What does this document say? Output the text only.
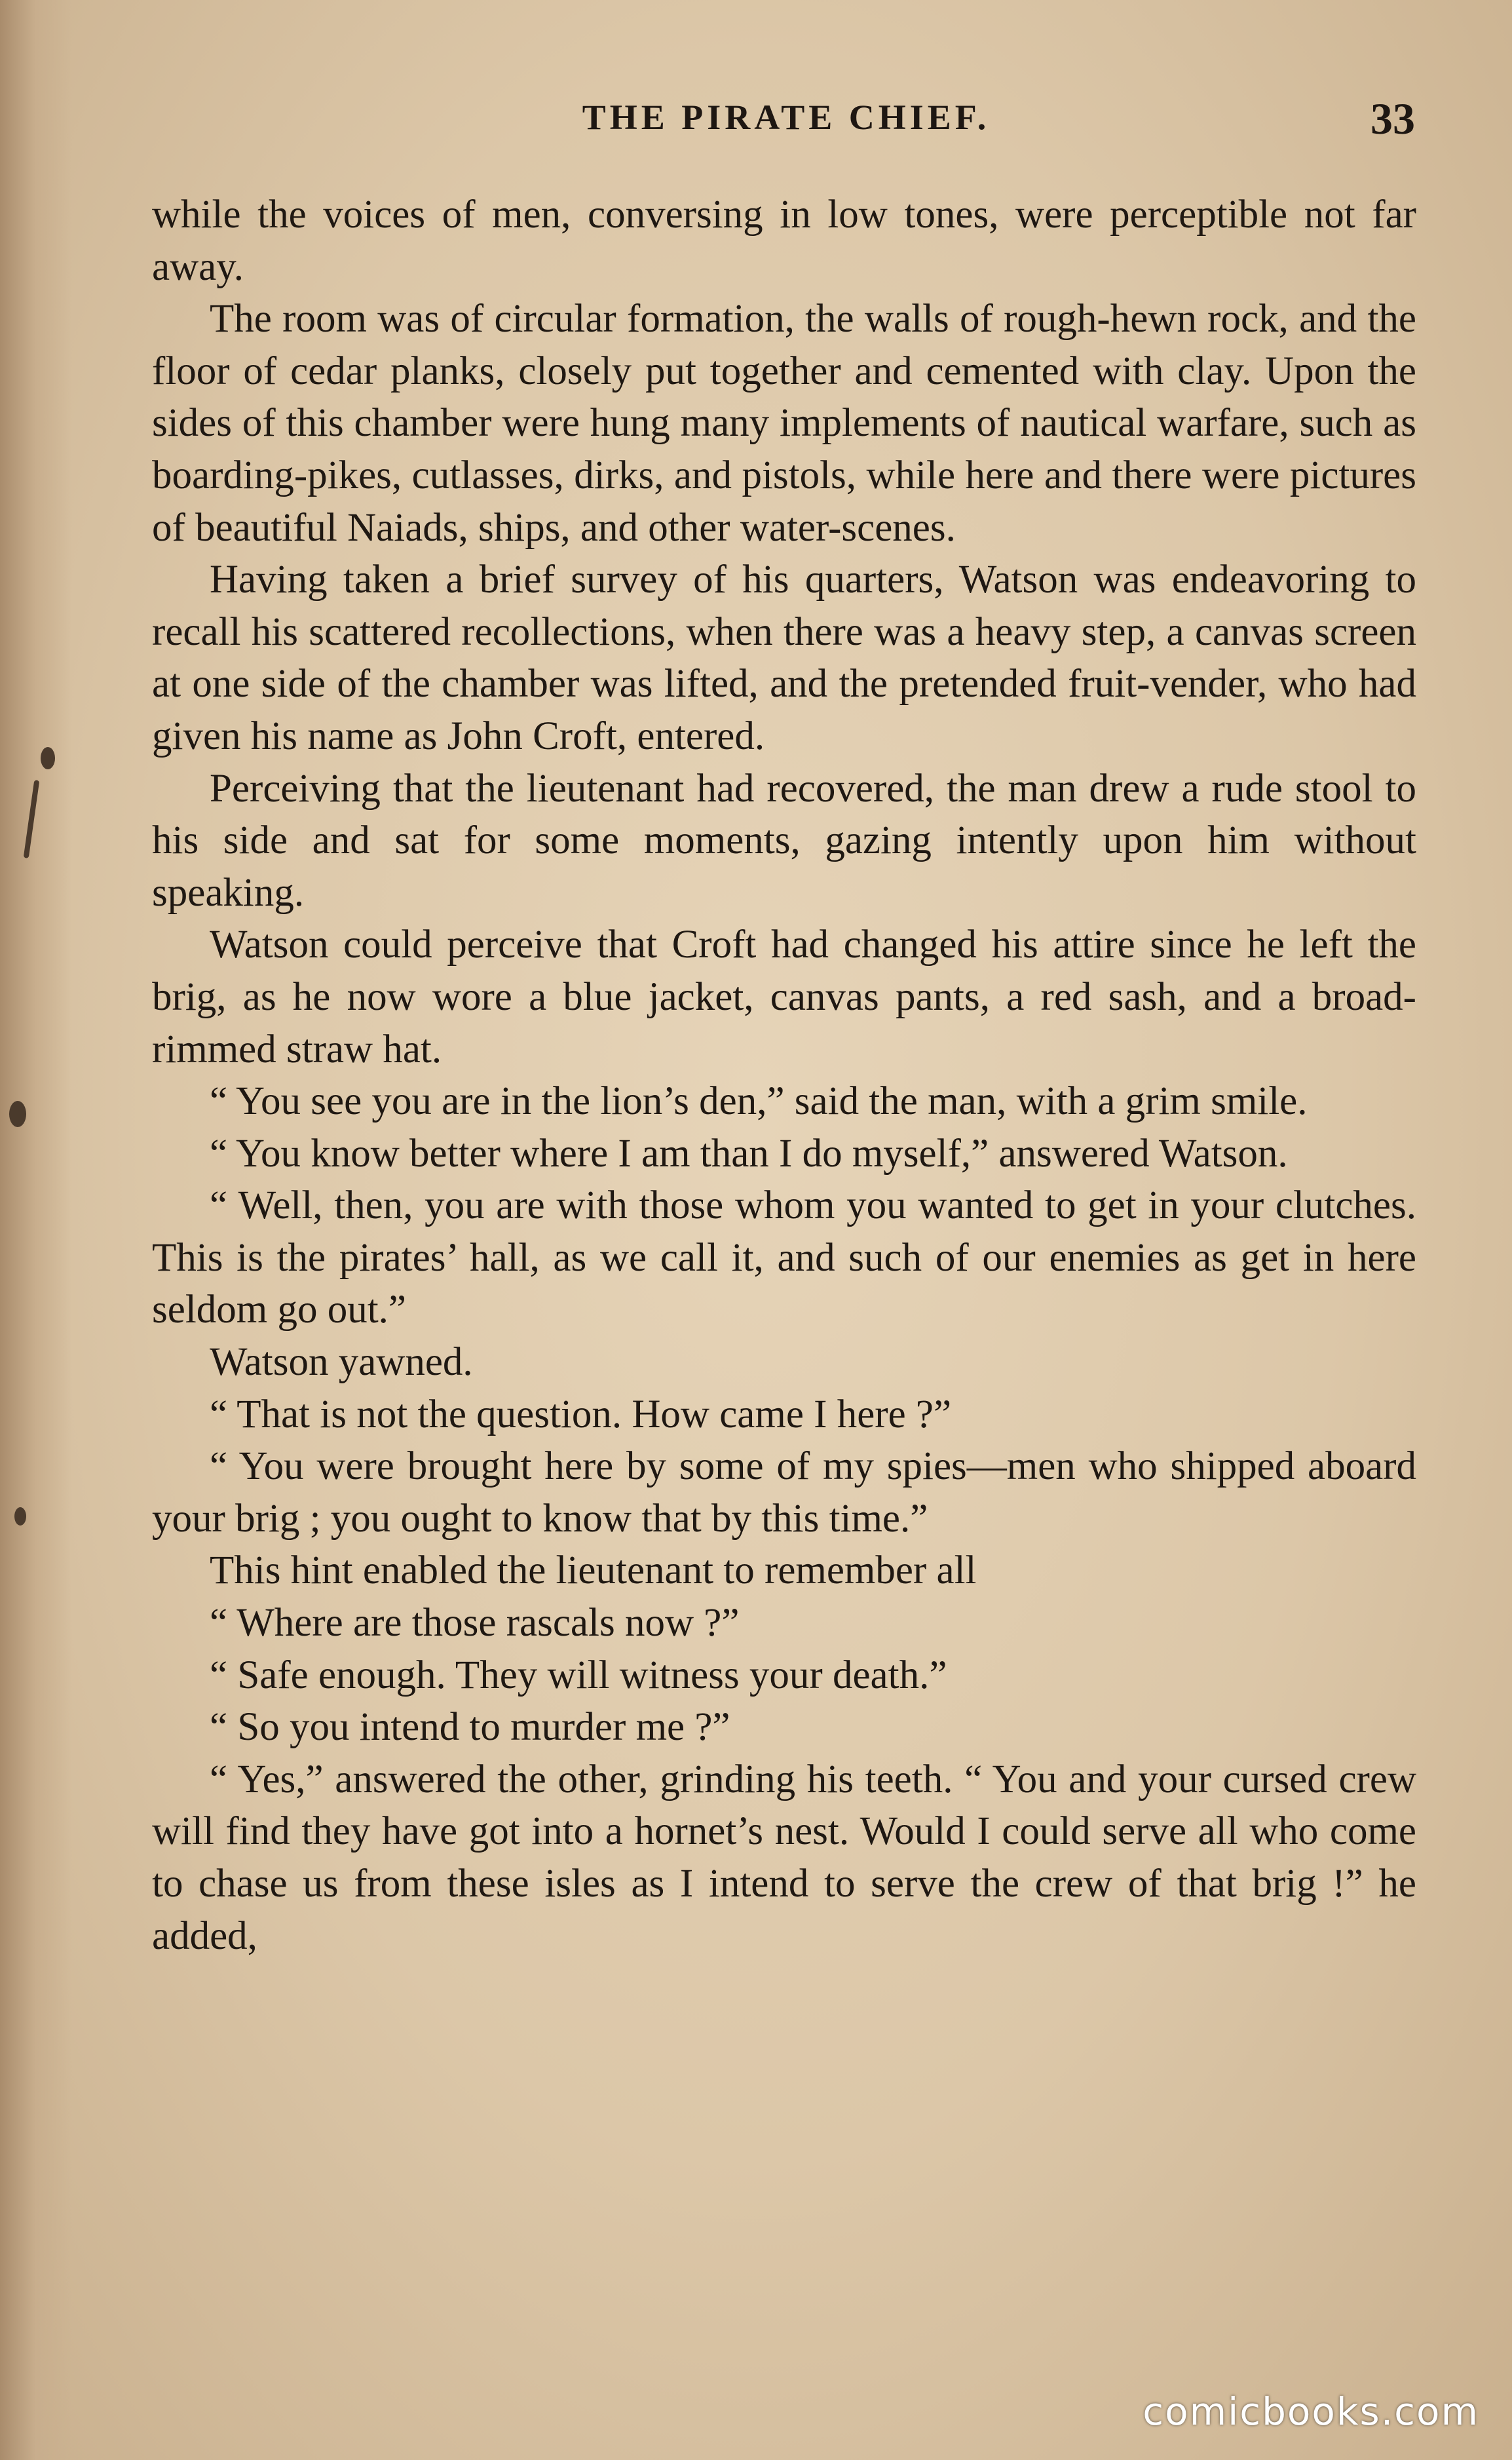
THE PIRATE CHIEF.	33

while the voices of men, conversing in low tones, were perceptible not far away.

The room was of circular formation, the walls of rough-hewn rock, and the floor of cedar planks, closely put together and cemented with clay. Upon the sides of this chamber were hung many implements of nautical warfare, such as boarding-pikes, cutlasses, dirks, and pistols, while here and there were pictures of beautiful Naiads, ships, and other water-scenes.

Having taken a brief survey of his quarters, Watson was endeavoring to recall his scattered recollections, when there was a heavy step, a canvas screen at one side of the chamber was lifted, and the pretended fruit-vender, who had given his name as John Croft, entered.

Perceiving that the lieutenant had recovered, the man drew a rude stool to his side and sat for some moments, gazing intently upon him without speaking.

Watson could perceive that Croft had changed his attire since he left the brig, as he now wore a blue jacket, canvas pants, a red sash, and a broad-rimmed straw hat.

“ You see you are in the lion’s den,” said the man, with a grim smile.

“ You know better where I am than I do myself,” answered Watson.

“ Well, then, you are with those whom you wanted to get in your clutches. This is the pirates’ hall, as we call it, and such of our enemies as get in here seldom go out.”

Watson yawned.

“ That is not the question. How came I here ?”

“ You were brought here by some of my spies—men who shipped aboard your brig ; you ought to know that by this time.”

This hint enabled the lieutenant to remember all

“ Where are those rascals now ?”

“ Safe enough. They will witness your death.”

“ So you intend to murder me ?”

“ Yes,” answered the other, grinding his teeth. “ You and your cursed crew will find they have got into a hornet’s nest. Would I could serve all who come to chase us from these isles as I intend to serve the crew of that brig !” he added,

comicbooks.com
